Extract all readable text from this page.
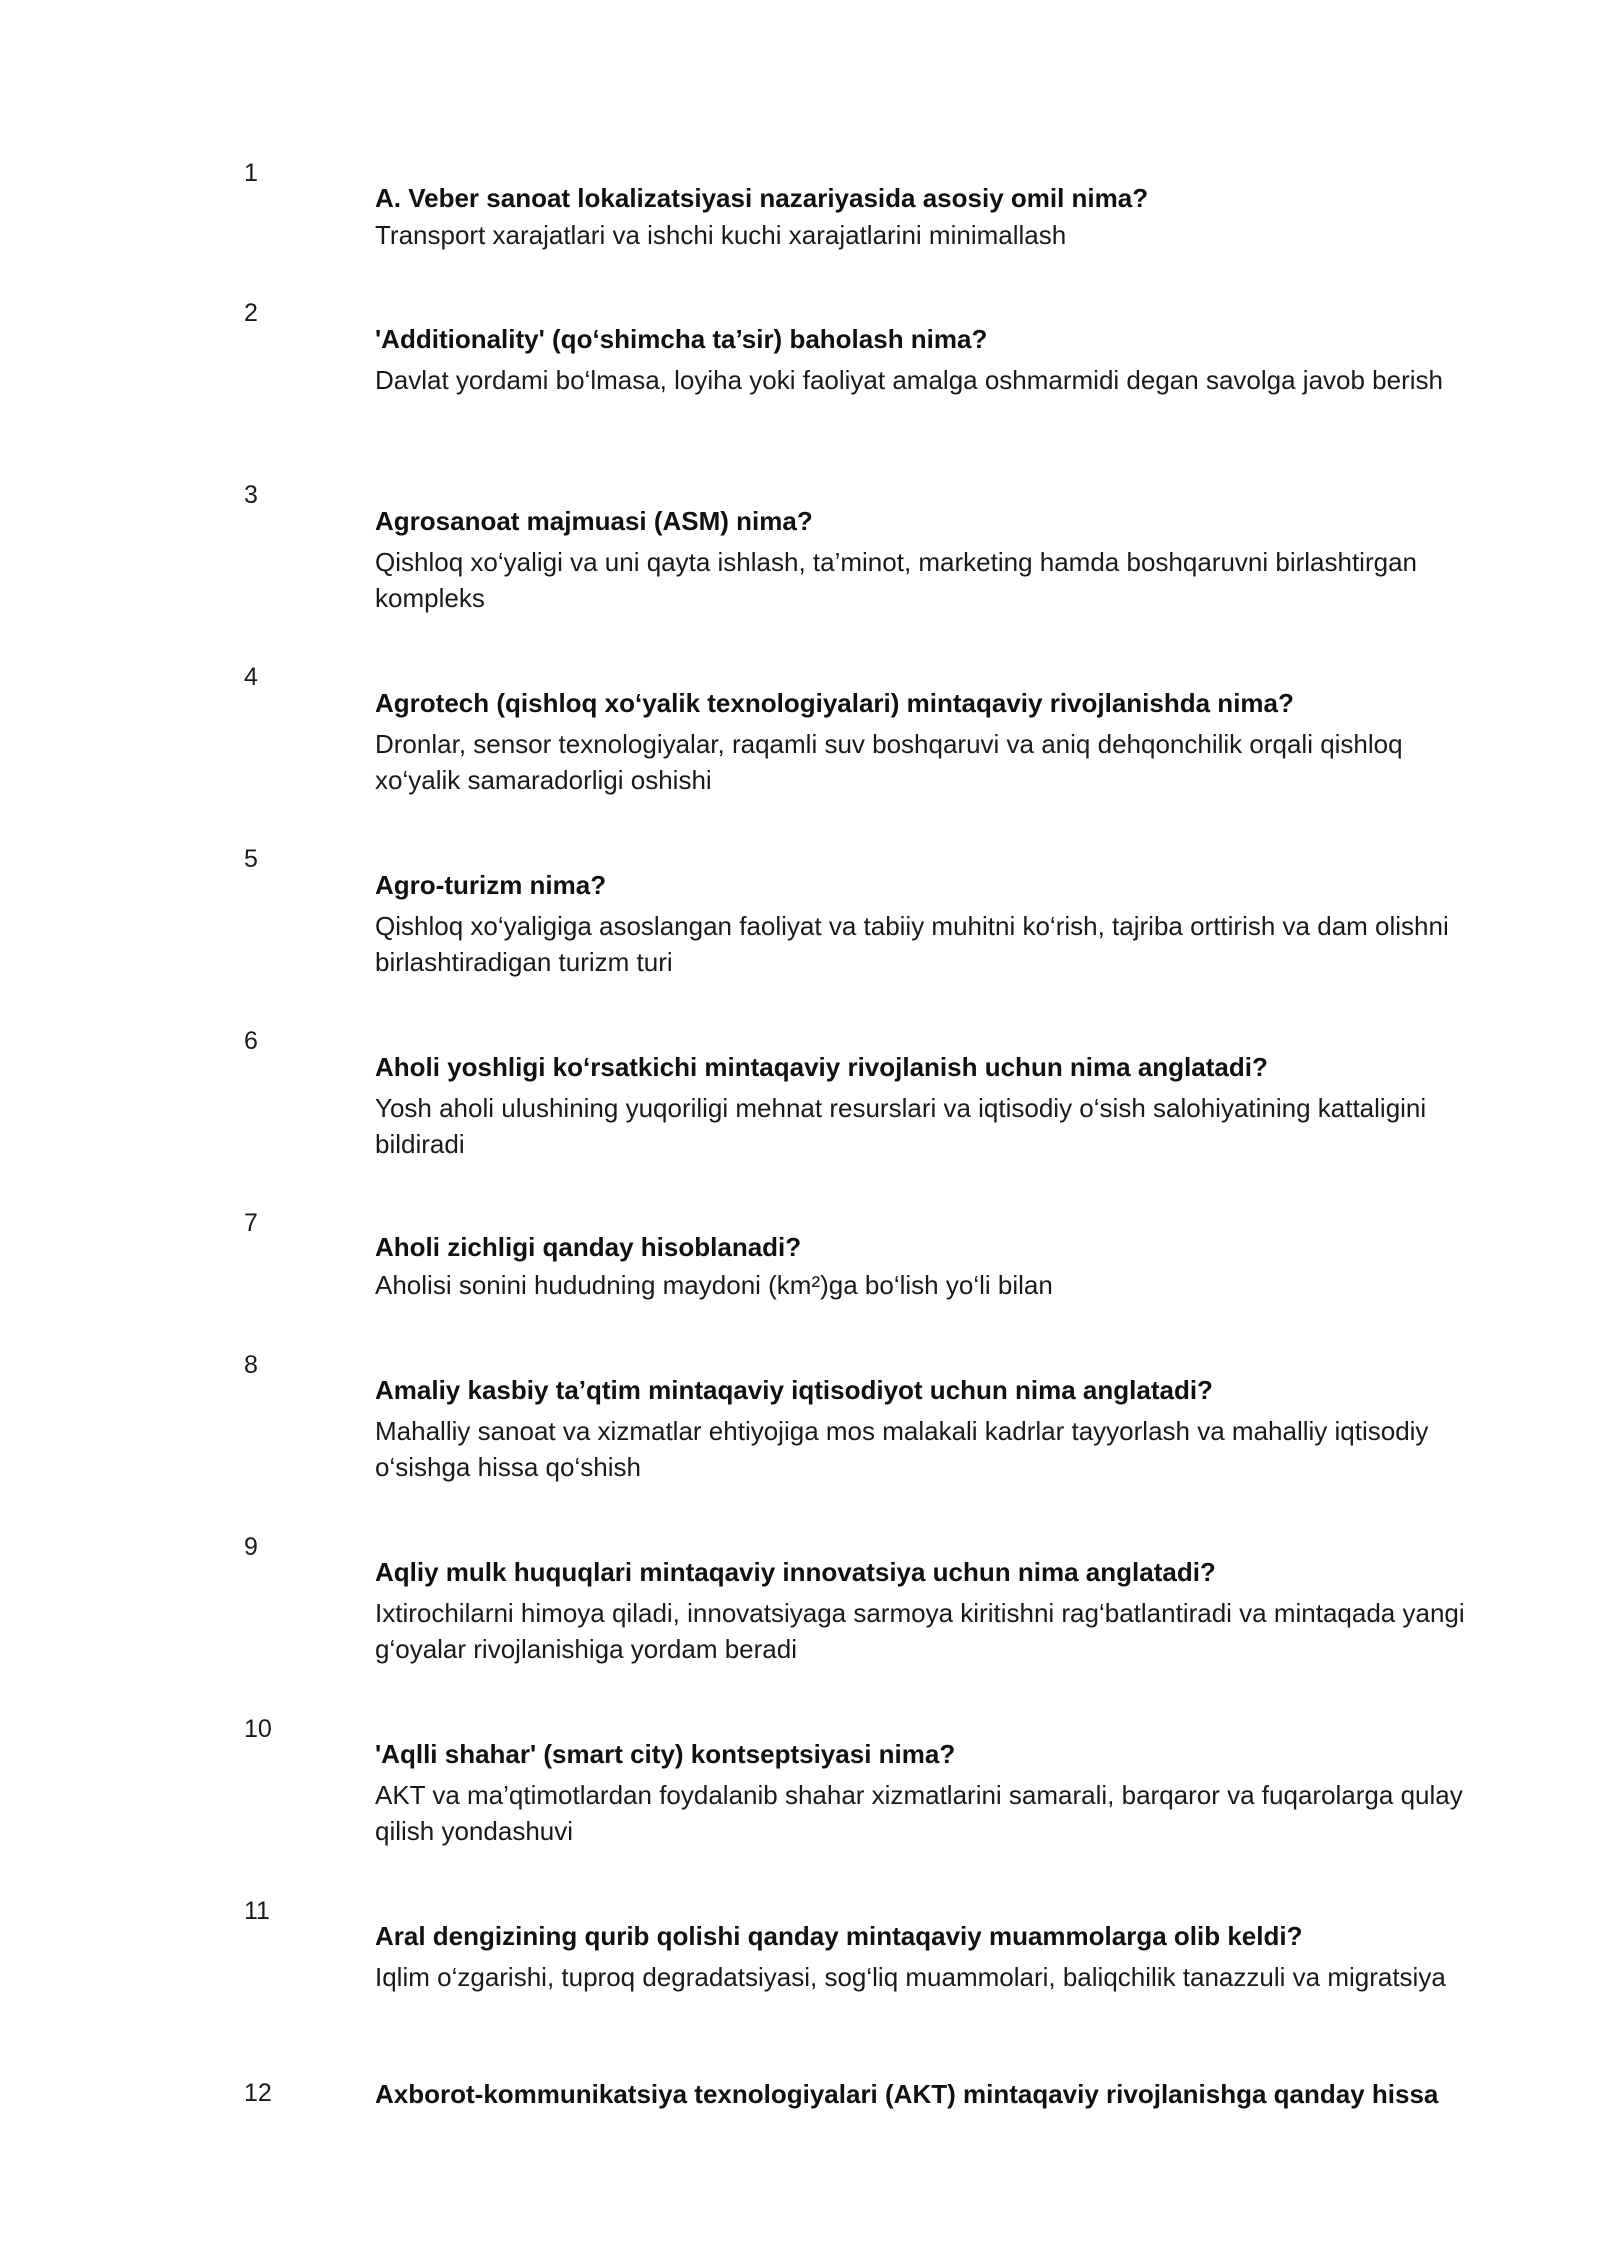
1
A. Veber sanoat lokalizatsiyasi nazariyasida asosiy omil nima?
Transport xarajatlari va ishchi kuchi xarajatlarini minimallash
2
'Additionality' (qo‘shimcha ta’sir) baholash nima?
Davlat yordami bo‘lmasa, loyiha yoki faoliyat amalga oshmarmidi degan savolga javob berish
3
Agrosanoat majmuasi (ASM) nima?
Qishloq xo‘yaligi va uni qayta ishlash, ta’minot, marketing hamda boshqaruvni birlashtirgan kompleks
4
Agrotech (qishloq xo‘yalik texnologiyalari) mintaqaviy rivojlanishda nima?
Dronlar, sensor texnologiyalar, raqamli suv boshqaruvi va aniq dehqonchilik orqali qishloq xo‘yalik samaradorligi oshishi
5
Agro-turizm nima?
Qishloq xo‘yaligiga asoslangan faoliyat va tabiiy muhitni ko‘rish, tajriba orttirish va dam olishni birlashtiradigan turizm turi
6
Aholi yoshligi ko‘rsatkichi mintaqaviy rivojlanish uchun nima anglatadi?
Yosh aholi ulushining yuqoriligi mehnat resurslari va iqtisodiy o‘sish salohiyatining kattaligini bildiradi
7
Aholi zichligi qanday hisoblanadi?
Aholisi sonini hududning maydoni (km²)ga bo‘lish yo‘li bilan
8
Amaliy kasbiy ta’qtim mintaqaviy iqtisodiyot uchun nima anglatadi?
Mahalliy sanoat va xizmatlar ehtiyojiga mos malakali kadrlar tayyorlash va mahalliy iqtisodiy o‘sishga hissa qo‘shish
9
Aqliy mulk huquqlari mintaqaviy innovatsiya uchun nima anglatadi?
Ixtirochilarni himoya qiladi, innovatsiyaga sarmoya kiritishni rag‘batlantiradi va mintaqada yangi g‘oyalar rivojlanishiga yordam beradi
10
'Aqlli shahar' (smart city) kontseptsiyasi nima?
AKT va ma’qtimotlardan foydalanib shahar xizmatlarini samarali, barqaror va fuqarolarga qulay qilish yondashuvi
11
Aral dengizining qurib qolishi qanday mintaqaviy muammolarga olib keldi?
Iqlim o‘zgarishi, tuproq degradatsiyasi, sog‘liq muammolari, baliqchilik tanazzuli va migratsiya
12	Axborot-kommunikatsiya texnologiyalari (AKT) mintaqaviy rivojlanishga qanday hissa
